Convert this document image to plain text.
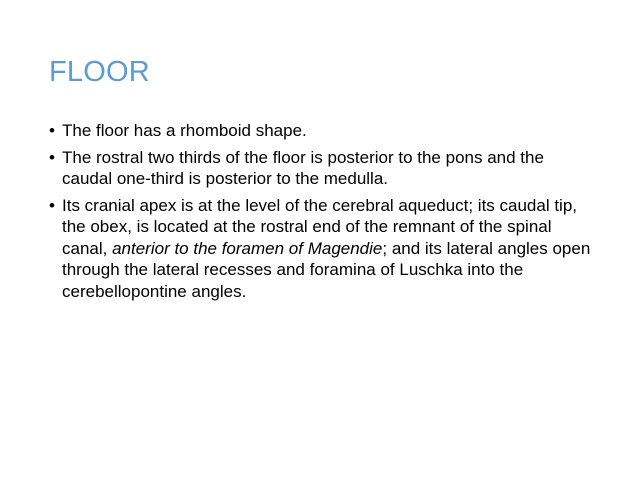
FLOOR
• The floor has a rhomboid shape.
• The rostral two thirds of the floor is posterior to the pons and the caudal one-third is posterior to the medulla.
• Its cranial apex is at the level of the cerebral aqueduct; its caudal tip, the obex, is located at the rostral end of the remnant of the spinal canal, anterior to the foramen of Magendie; and its lateral angles open through the lateral recesses and foramina of Luschka into the cerebellopontine angles.
